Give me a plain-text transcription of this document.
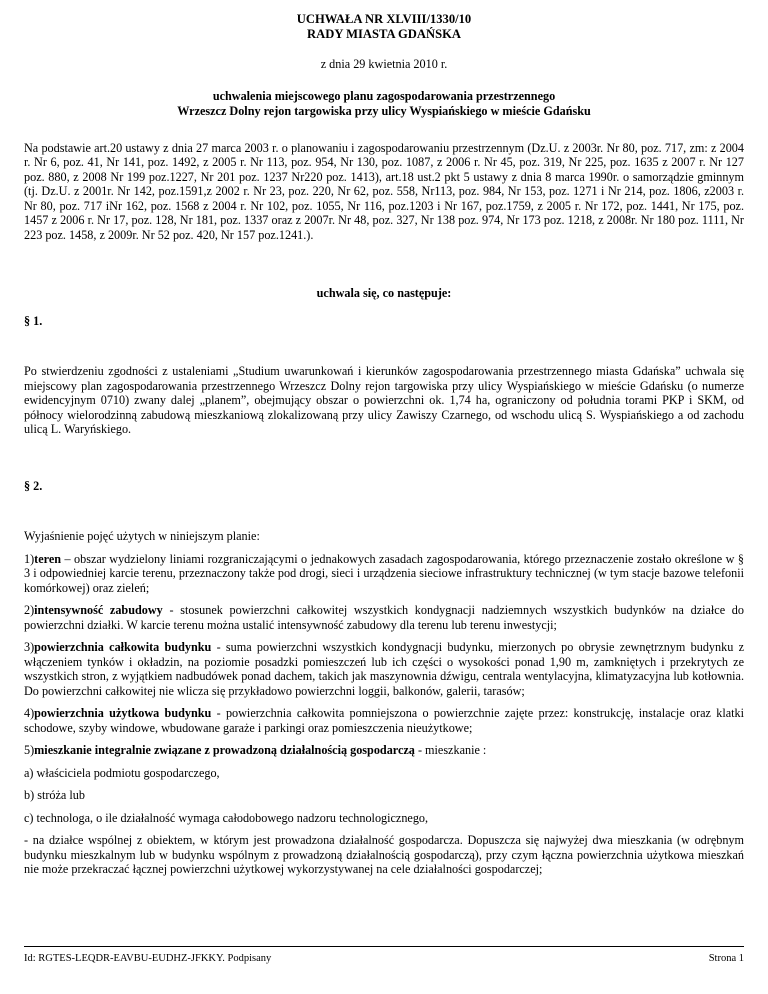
UCHWAŁA NR XLVIII/1330/10
RADY MIASTA GDAŃSKA
z dnia 29 kwietnia 2010 r.
uchwalenia miejscowego planu zagospodarowania przestrzennego
Wrzeszcz Dolny rejon targowiska przy ulicy Wyspiańskiego w mieście Gdańsku

Na podstawie art.20 ustawy z dnia 27 marca 2003 r. o planowaniu i zagospodarowaniu przestrzennym (Dz.U. z 2003r. Nr 80, poz. 717, zm: z 2004 r. Nr 6, poz. 41, Nr 141, poz. 1492, z 2005 r. Nr 113, poz. 954, Nr 130, poz. 1087, z 2006 r. Nr 45, poz. 319, Nr 225, poz. 1635 z 2007 r. Nr 127 poz. 880, z 2008 Nr 199 poz.1227, Nr 201 poz. 1237 Nr220 poz. 1413), art.18 ust.2 pkt 5 ustawy z dnia 8 marca 1990r. o samorządzie gminnym (tj. Dz.U. z 2001r. Nr 142, poz.1591,z 2002 r. Nr 23, poz. 220, Nr 62, poz. 558, Nr113, poz. 984, Nr 153, poz. 1271 i Nr 214, poz. 1806, z2003 r. Nr 80, poz. 717 iNr 162, poz. 1568 z 2004 r. Nr 102, poz. 1055, Nr 116, poz.1203 i Nr 167, poz.1759, z 2005 r. Nr 172, poz. 1441, Nr 175, poz. 1457 z 2006 r. Nr 17, poz. 128, Nr 181, poz. 1337 oraz z 2007r. Nr 48, poz. 327, Nr 138 poz. 974, Nr 173 poz. 1218, z 2008r. Nr 180 poz. 1111, Nr 223 poz. 1458, z 2009r. Nr 52 poz. 420, Nr 157 poz.1241.).

uchwala się, co następuje:
§ 1.

Po stwierdzeniu zgodności z ustaleniami „Studium uwarunkowań i kierunków zagospodarowania przestrzennego miasta Gdańska” uchwala się miejscowy plan zagospodarowania przestrzennego Wrzeszcz Dolny rejon targowiska przy ulicy Wyspiańskiego w mieście Gdańsku (o numerze ewidencyjnym 0710) zwany dalej „planem”, obejmujący obszar o powierzchni ok. 1,74 ha, ograniczony od południa torami PKP i SKM, od północy wielorodzinną zabudową mieszkaniową zlokalizowaną przy ulicy Zawiszy Czarnego, od wschodu ulicą S. Wyspiańskiego a od zachodu ulicą L. Waryńskiego.

§ 2.

Wyjaśnienie pojęć użytych w niniejszym planie:

1)teren – obszar wydzielony liniami rozgraniczającymi o jednakowych zasadach zagospodarowania, którego przeznaczenie zostało określone w § 3 i odpowiedniej karcie terenu, przeznaczony także pod drogi, sieci i urządzenia sieciowe infrastruktury technicznej (w tym stacje bazowe telefonii komórkowej) oraz zieleń;

2)intensywność zabudowy - stosunek powierzchni całkowitej wszystkich kondygnacji nadziemnych wszystkich budynków na działce do powierzchni działki. W karcie terenu można ustalić intensywność zabudowy dla terenu lub terenu inwestycji;

3)powierzchnia całkowita budynku - suma powierzchni wszystkich kondygnacji budynku, mierzonych po obrysie zewnętrznym budynku z włączeniem tynków i okładzin, na poziomie posadzki pomieszczeń lub ich części o wysokości ponad 1,90 m, zamkniętych i przekrytych ze wszystkich stron, z wyjątkiem nadbudówek ponad dachem, takich jak maszynownia dźwigu, centrala wentylacyjna, klimatyzacyjna lub kotłownia. Do powierzchni całkowitej nie wlicza się przykładowo powierzchni loggii, balkonów, galerii, tarasów;

4)powierzchnia użytkowa budynku - powierzchnia całkowita pomniejszona o powierzchnie zajęte przez: konstrukcję, instalacje oraz klatki schodowe, szyby windowe, wbudowane garaże i parkingi oraz pomieszczenia nieużytkowe;

5)mieszkanie integralnie związane z prowadzoną działalnością gospodarczą - mieszkanie :

a) właściciela podmiotu gospodarczego,

b) stróża lub

c) technologa, o ile działalność wymaga całodobowego nadzoru technologicznego,

- na działce wspólnej z obiektem, w którym jest prowadzona działalność gospodarcza. Dopuszcza się najwyżej dwa mieszkania (w odrębnym budynku mieszkalnym lub w budynku wspólnym z prowadzoną działalnością gospodarczą), przy czym łączna powierzchnia użytkowa mieszkań nie może przekraczać łącznej powierzchni użytkowej wykorzystywanej na cele działalności gospodarczej;

Id: RGTES-LEQDR-EAVBU-EUDHZ-JFKKY. Podpisany	Strona 1
